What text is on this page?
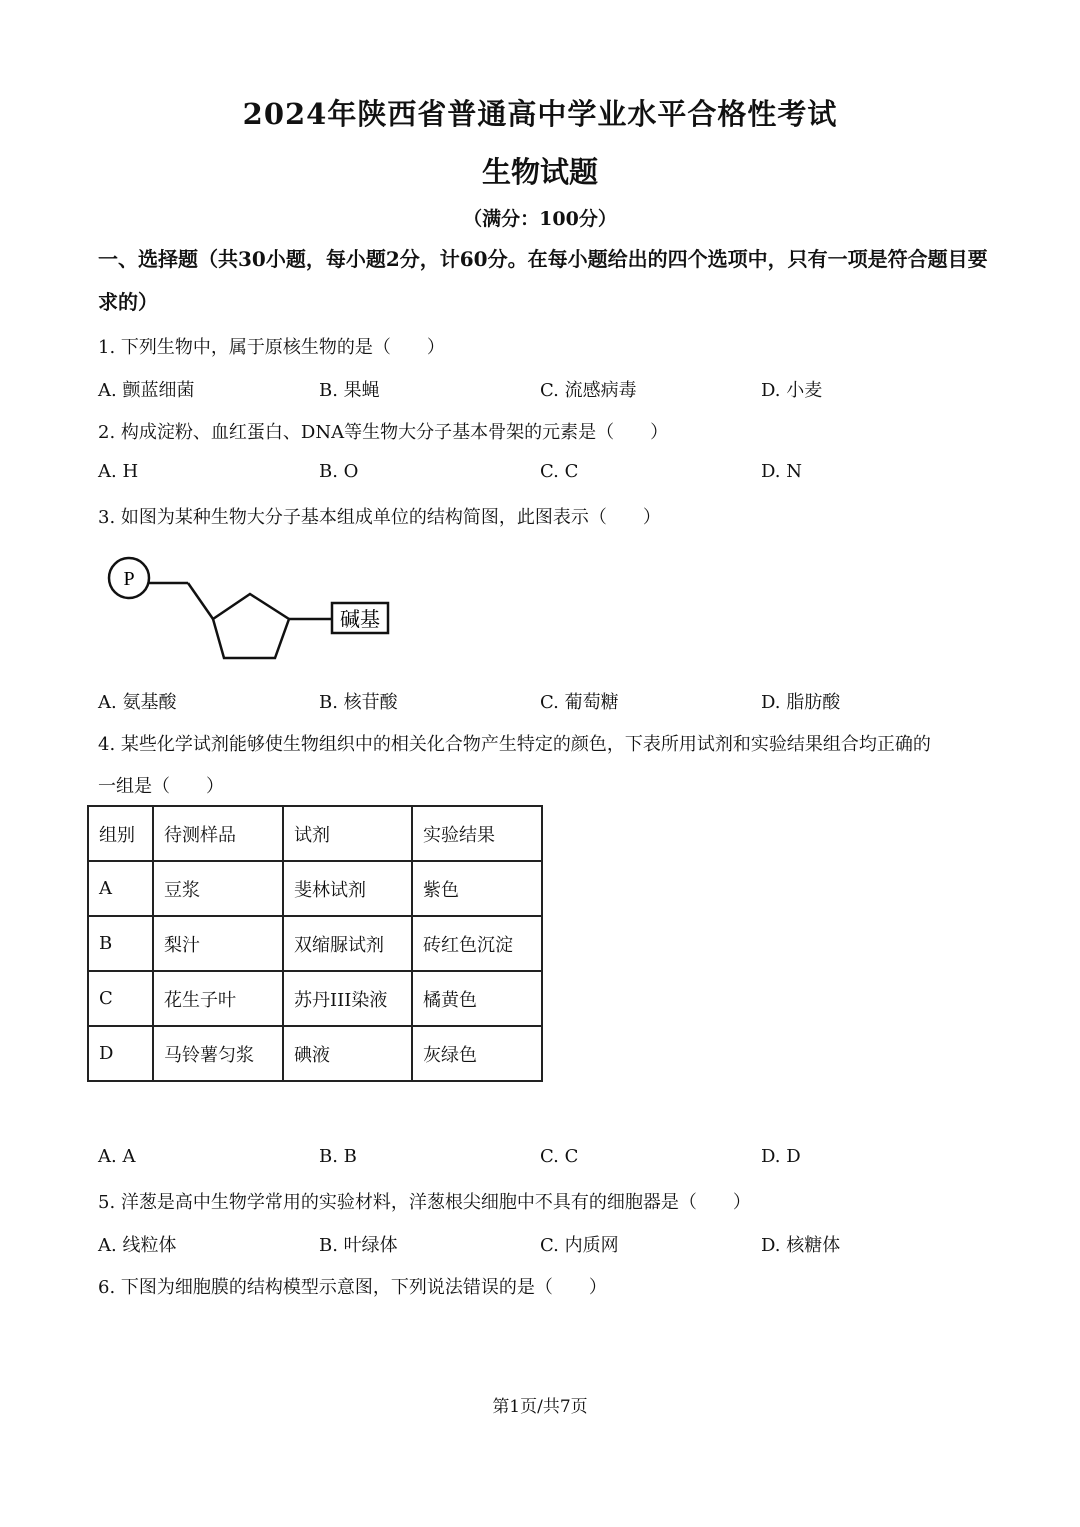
2024年陕西省普通高中学业水平合格性考试
生物试题
（满分：100分）
一、选择题（共30小题，每小题2分，计60分。在每小题给出的四个选项中，只有一项是符合题目要求的）
1. 下列生物中，属于原核生物的是（　　）
A. 颤蓝细菌	B. 果蝇	C. 流感病毒	D. 小麦
2. 构成淀粉、血红蛋白、DNA等生物大分子基本骨架的元素是（　　）
A. H	B. O	C. C	D. N
3. 如图为某种生物大分子基本组成单位的结构简图，此图表示（　　）
P
碱基
A. 氨基酸	B. 核苷酸	C. 葡萄糖	D. 脂肪酸
4. 某些化学试剂能够使生物组织中的相关化合物产生特定的颜色，下表所用试剂和实验结果组合均正确的
一组是（　　）
组别	待测样品	试剂	实验结果
A	豆浆	斐林试剂	紫色
B	梨汁	双缩脲试剂	砖红色沉淀
C	花生子叶	苏丹III染液	橘黄色
D	马铃薯匀浆	碘液	灰绿色
A. A	B. B	C. C	D. D
5. 洋葱是高中生物学常用的实验材料，洋葱根尖细胞中不具有的细胞器是（　　）
A. 线粒体	B. 叶绿体	C. 内质网	D. 核糖体
6. 下图为细胞膜的结构模型示意图，下列说法错误的是（　　）
第1页/共7页
